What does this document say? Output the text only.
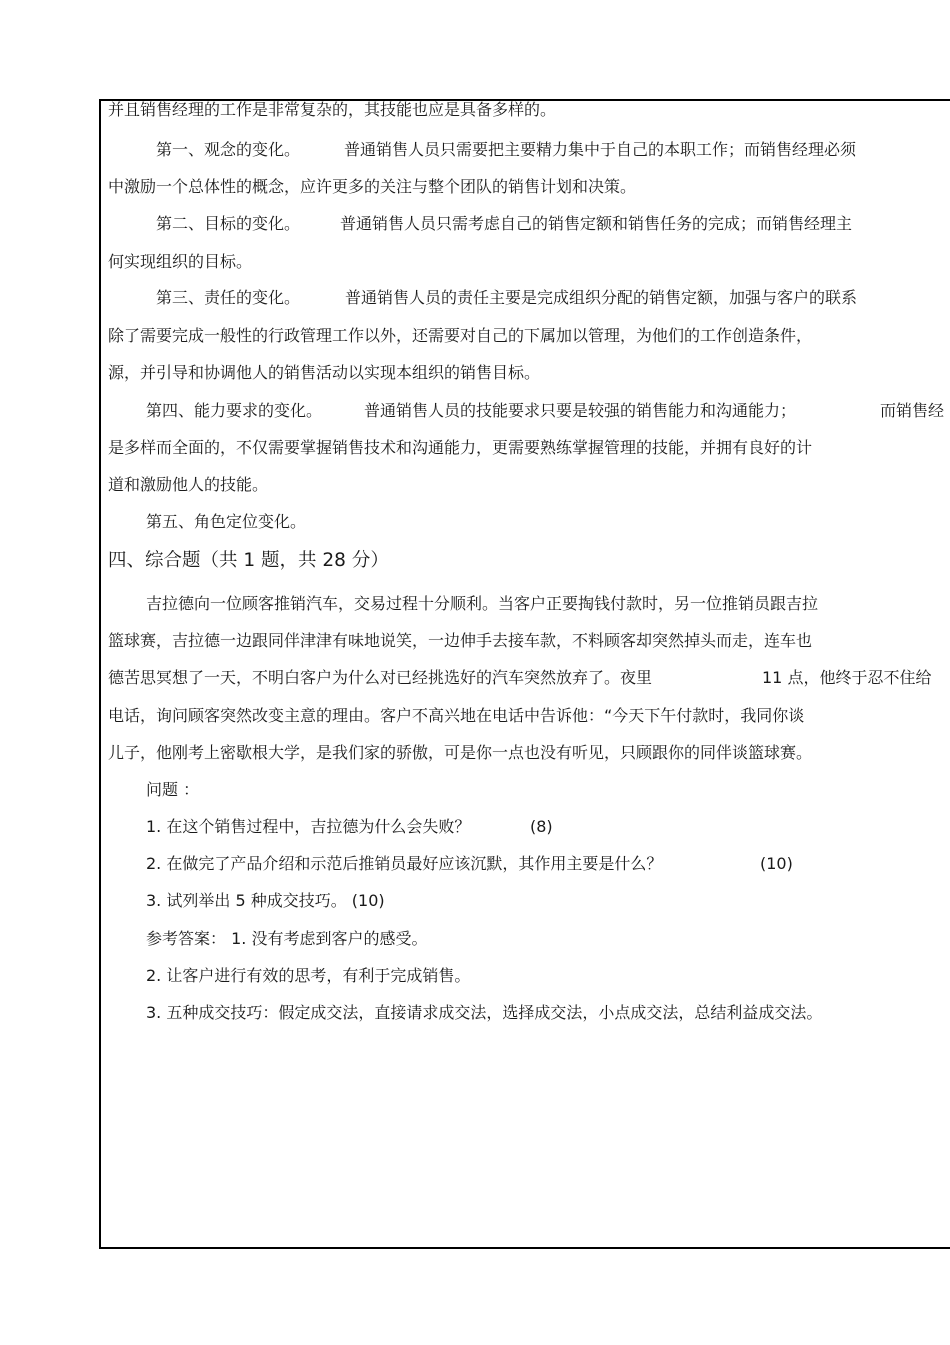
并且销售经理的工作是非常复杂的，其技能也应是具备多样的。
第一、观念的变化。	普通销售人员只需要把主要精力集中于自己的本职工作；而销售经理必须
中激励一个总体性的概念，应许更多的关注与整个团队的销售计划和决策。
第二、目标的变化。 普通销售人员只需考虑自己的销售定额和销售任务的完成；而销售经理主
何实现组织的目标。
第三、责任的变化。	普通销售人员的责任主要是完成组织分配的销售定额，加强与客户的联系
除了需要完成一般性的行政管理工作以外，还需要对自己的下属加以管理，为他们的工作创造条件，
源，并引导和协调他人的销售活动以实现本组织的销售目标。
第四、能力要求的变化。	普通销售人员的技能要求只要是较强的销售能力和沟通能力；	而销售经
是多样而全面的，不仅需要掌握销售技术和沟通能力，更需要熟练掌握管理的技能，并拥有良好的计
道和激励他人的技能。
第五、角色定位变化。
四、综合题（共 1 题，共 28 分）
吉拉德向一位顾客推销汽车，交易过程十分顺利。当客户正要掏钱付款时，另一位推销员跟吉拉
篮球赛，吉拉德一边跟同伴津津有味地说笑，一边伸手去接车款，不料顾客却突然掉头而走，连车也
德苦思冥想了一天，不明白客户为什么对已经挑选好的汽车突然放弃了。夜里	11 点，他终于忍不住给
电话，询问顾客突然改变主意的理由。客户不高兴地在电话中告诉他：“今天下午付款时，我同你谈
儿子，他刚考上密歇根大学，是我们家的骄傲，可是你一点也没有听见，只顾跟你的同伴谈篮球赛。
问题 ：
1. 在这个销售过程中，吉拉德为什么会失败？	(8)
2. 在做完了产品介绍和示范后推销员最好应该沉默，其作用主要是什么？	(10)
3. 试列举出 5 种成交技巧。 (10)
参考答案： 1. 没有考虑到客户的感受。
2. 让客户进行有效的思考，有利于完成销售。
3. 五种成交技巧：假定成交法，直接请求成交法，选择成交法，小点成交法，总结利益成交法。
